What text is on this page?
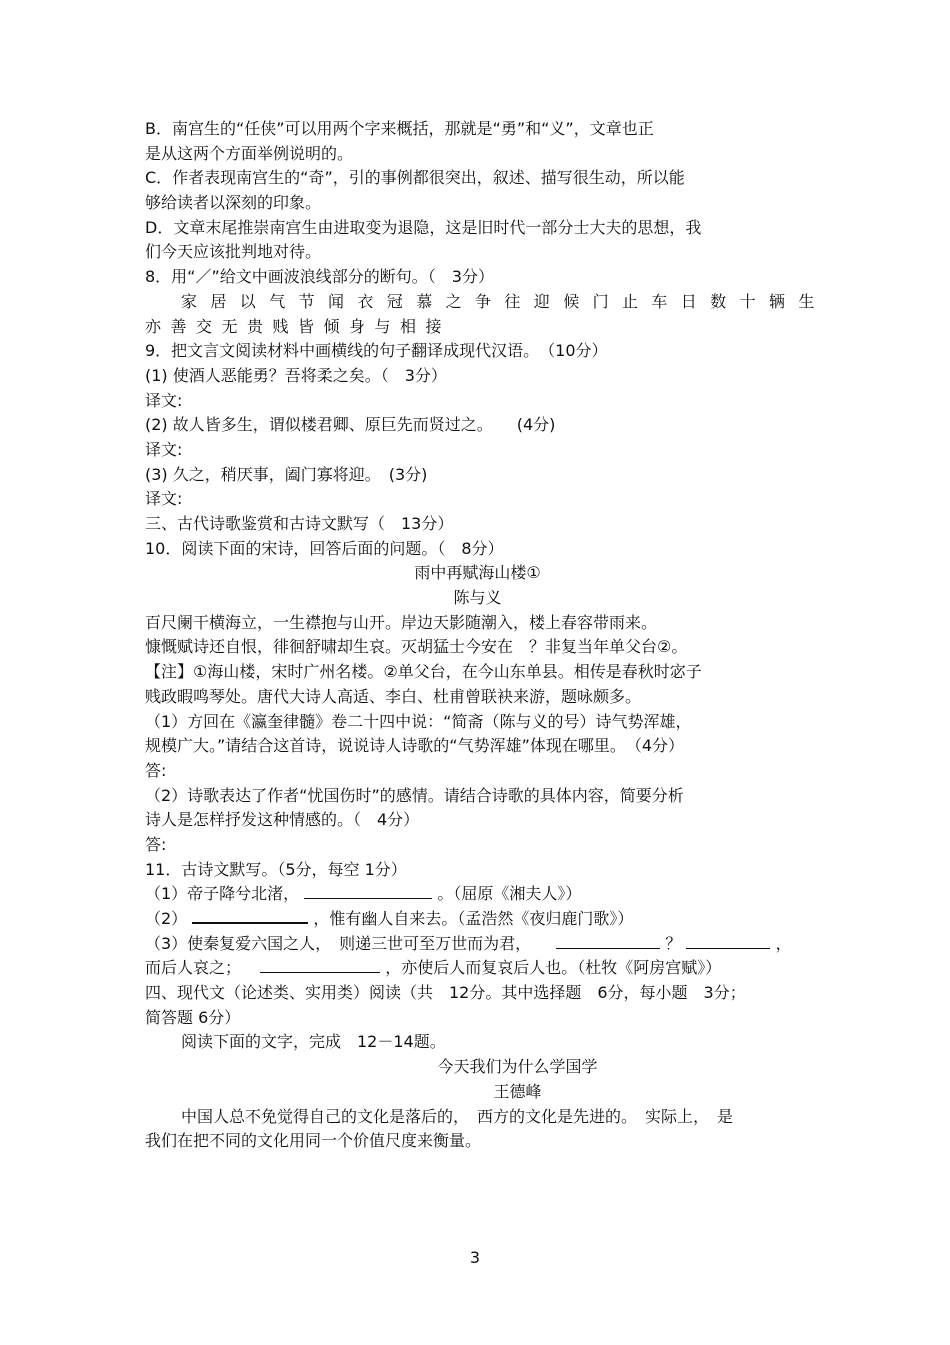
B．南宫生的“任侠”可以用两个字来概括，那就是“勇”和“义”，文章也正
是从这两个方面举例说明的。
C．作者表现南宫生的“奇”，引的事例都很突出，叙述、描写很生动，所以能
够给读者以深刻的印象。
D．文章末尾推崇南宫生由进取变为退隐，这是旧时代一部分士大夫的思想，我
们今天应该批判地对待。
8．用“／”给文中画波浪线部分的断句。（　3分）
家居以气节闻衣冠慕之争往迎候门止车日数十辆生
亦善交无贵贱皆倾身与相接
9．把文言文阅读材料中画横线的句子翻译成现代汉语。　（10分）
(1) 使酒人恶能勇？吾将柔之矣。（　3分）
译文:
(2) 故人皆多生，谓似楼君卿、原巨先而贤过之。　　(4分)
译文:
(3) 久之，稍厌事，阖门寡将迎。　(3分)
译文:
三、古代诗歌鉴赏和古诗文默写（　13分）
10．阅读下面的宋诗，回答后面的问题。（　8分）
雨中再赋海山楼①
陈与义
百尺阑干横海立，一生襟抱与山开。岸边天影随潮入，楼上春容带雨来。
慷慨赋诗还自恨，徘徊舒啸却生哀。灭胡猛士今安在　？非复当年单父台②。
【注】①海山楼，宋时广州名楼。②单父台，在今山东单县。相传是春秋时宓子
贱政暇鸣琴处。唐代大诗人高适、李白、杜甫曾联袂来游，题咏颇多。
（1）方回在《瀛奎律髓》卷二十四中说：“简斋（陈与义的号）诗气势浑雄，
规模广大。”请结合这首诗，说说诗人诗歌的“气势浑雄”体现在哪里。　（4分）
答:
（2）诗歌表达了作者“忧国伤时”的感情。请结合诗歌的具体内容，简要分析
诗人是怎样抒发这种情感的。（　4分）
答:
11．古诗文默写。（5分，每空 1分）
（1）帝子降兮北渚，	。（屈原《湘夫人》）
（2）	，惟有幽人自来去。（孟浩然《夜归鹿门歌》）
（3）使秦复爱六国之人，　则递三世可至万世而为君，	？	，
而后人哀之；	，亦使后人而复哀后人也。（杜牧《阿房宫赋》）
四、现代文（论述类、实用类）阅读（共　12分。其中选择题　6分，每小题　3分；
简答题 6分）
阅读下面的文字，完成　12－14题。
今天我们为什么学国学
王德峰
中国人总不免觉得自己的文化是落后的，　西方的文化是先进的。　实际上，　是
我们在把不同的文化用同一个价值尺度来衡量。
3
